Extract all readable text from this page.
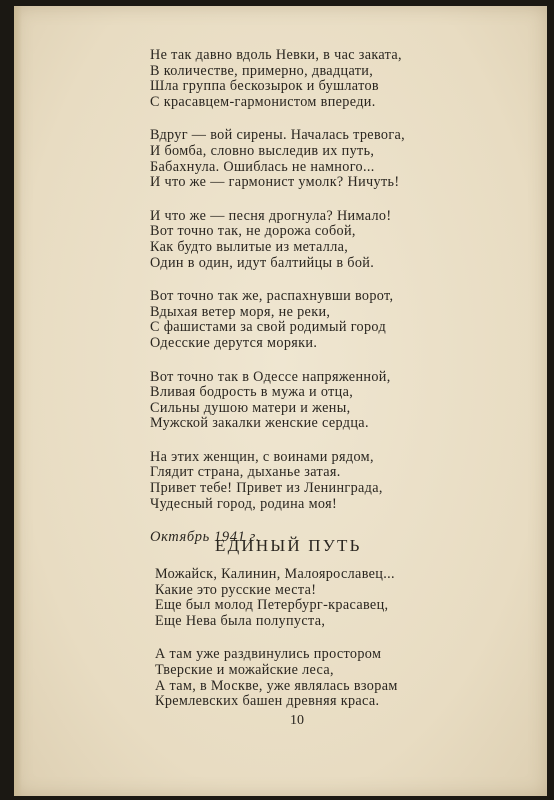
Не так давно вдоль Невки, в час заката,
В количестве, примерно, двадцати,
Шла группа бескозырок и бушлатов
С красавцем-гармонистом впереди.
Вдруг — вой сирены. Началась тревога,
И бомба, словно выследив их путь,
Бабахнула. Ошиблась не намного...
И что же — гармонист умолк? Ничуть!
И что же — песня дрогнула? Нимало!
Вот точно так, не дорожа собой,
Как будто вылитые из металла,
Один в один, идут балтийцы в бой.
Вот точно так же, распахнувши ворот,
Вдыхая ветер моря, не реки,
С фашистами за свой родимый город
Одесские дерутся моряки.
Вот точно так в Одессе напряженной,
Вливая бодрость в мужа и отца,
Сильны душою матери и жены,
Мужской закалки женские сердца.
На этих женщин, с воинами рядом,
Глядит страна, дыханье затая.
Привет тебе! Привет из Ленинграда,
Чудесный город, родина моя!
Октябрь 1941 г.
ЕДИНЫЙ ПУТЬ
Можайск, Калинин, Малоярославец...
Какие это русские места!
Еще был молод Петербург-красавец,
Еще Нева была полупуста,
А там уже раздвинулись простором
Тверские и можайские леса,
А там, в Москве, уже являлась взорам
Кремлевских башен древняя краса.
10
